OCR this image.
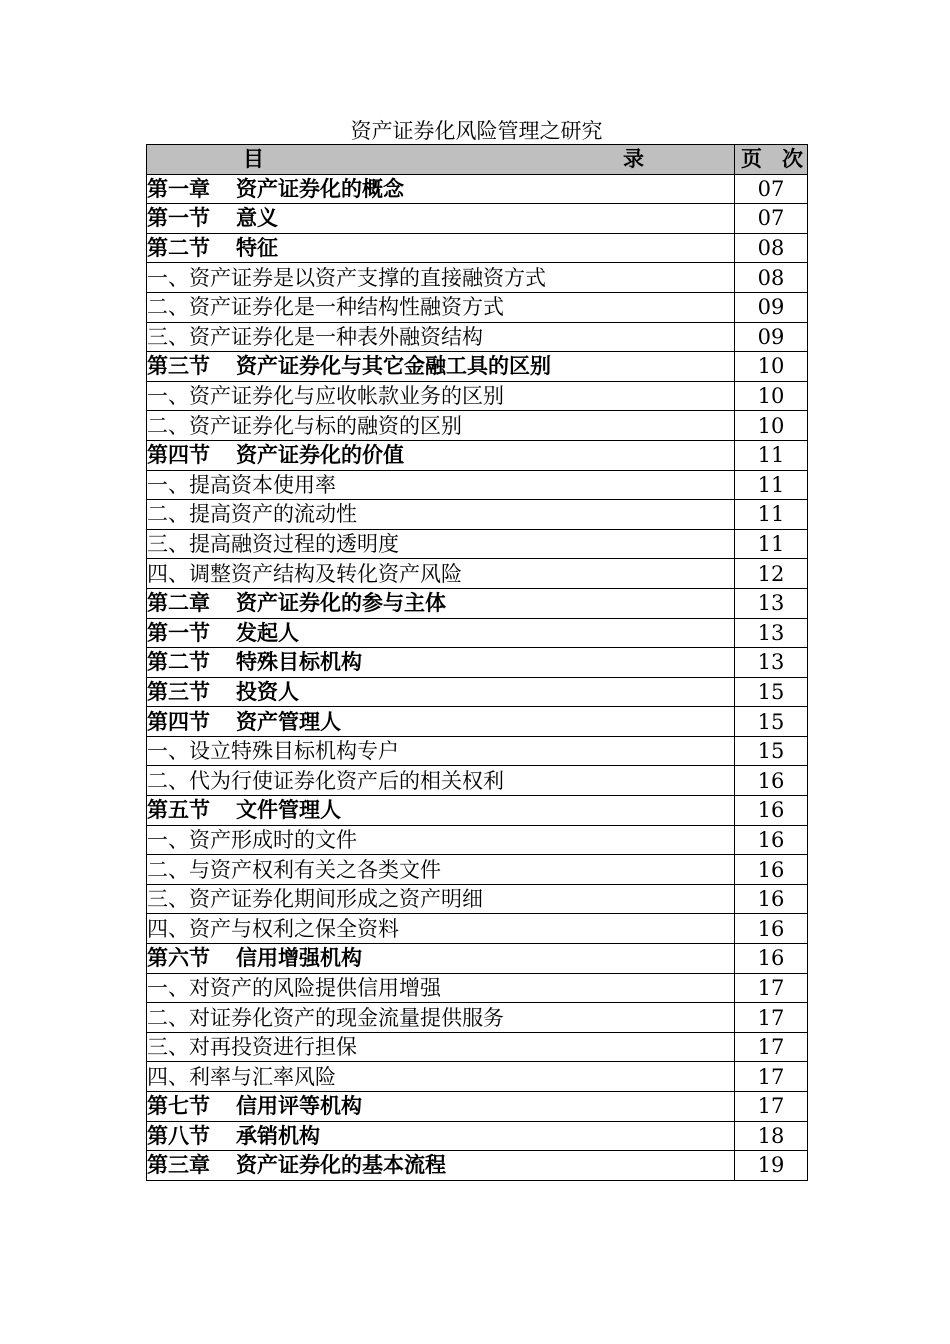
资产证券化风险管理之研究
目 录	页 次

第一章 资产证券化的概念	07
第一节 意义	07
第二节 特征	08
一、资产证券是以资产支撑的直接融资方式	08
二、资产证券化是一种结构性融资方式	09
三、资产证券化是一种表外融资结构	09
第三节 资产证券化与其它金融工具的区别	10
一、资产证券化与应收帐款业务的区别	10
二、资产证券化与标的融资的区别	10
第四节 资产证券化的价值	11
一、提高资本使用率	11
二、提高资产的流动性	11
三、提高融资过程的透明度	11
四、调整资产结构及转化资产风险	12
第二章 资产证券化的参与主体	13
第一节 发起人	13
第二节 特殊目标机构	13
第三节 投资人	15
第四节 资产管理人	15
一、设立特殊目标机构专户	15
二、代为行使证券化资产后的相关权利	16
第五节 文件管理人	16
一、资产形成时的文件	16
二、与资产权利有关之各类文件	16
三、资产证券化期间形成之资产明细	16
四、资产与权利之保全资料	16
第六节 信用增强机构	16
一、对资产的风险提供信用增强	17
二、对证券化资产的现金流量提供服务	17
三、对再投资进行担保	17
四、利率与汇率风险	17
第七节 信用评等机构	17
第八节 承销机构	18
第三章 资产证券化的基本流程	19
